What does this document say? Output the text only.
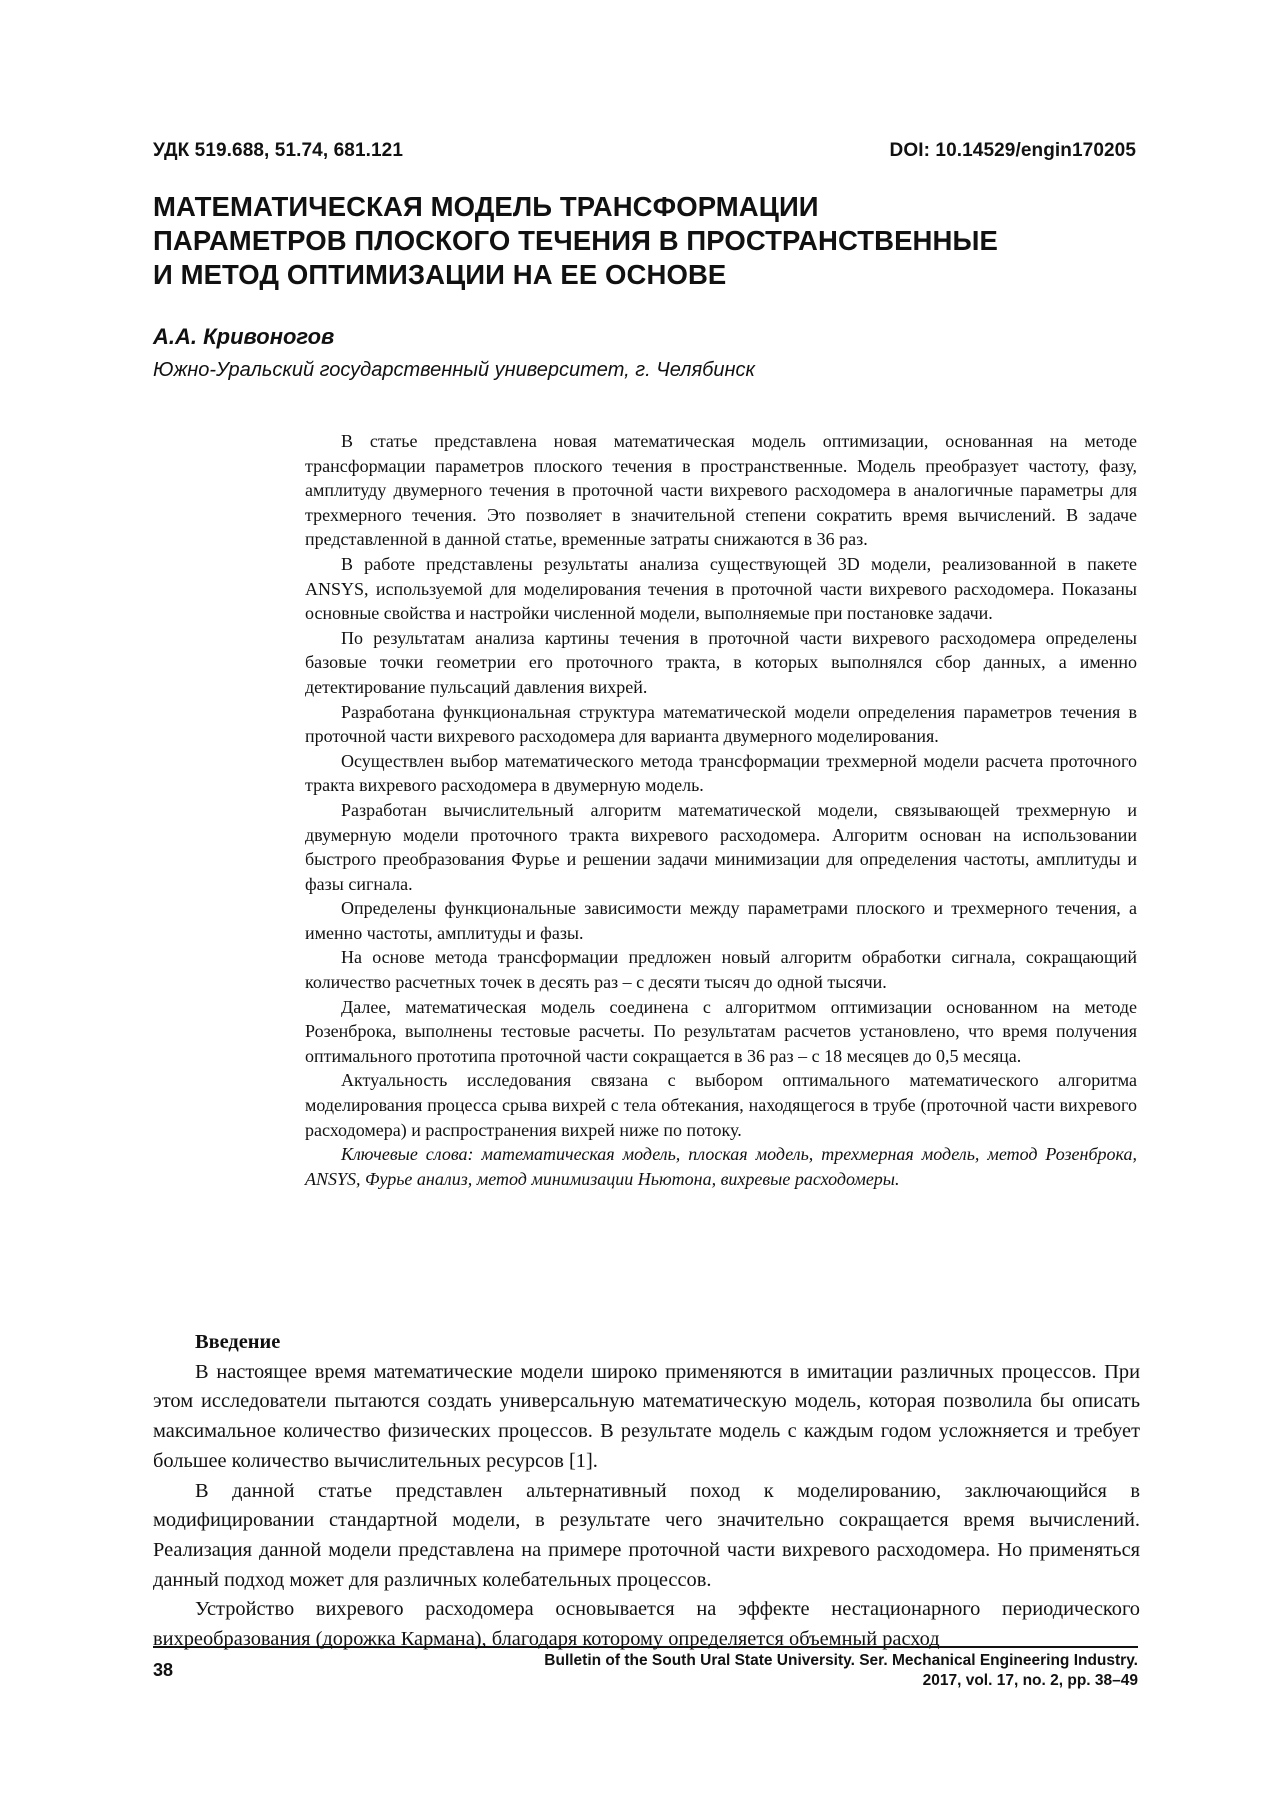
УДК 519.688, 51.74, 681.121	DOI: 10.14529/engin170205
МАТЕМАТИЧЕСКАЯ МОДЕЛЬ ТРАНСФОРМАЦИИ
ПАРАМЕТРОВ ПЛОСКОГО ТЕЧЕНИЯ В ПРОСТРАНСТВЕННЫЕ
И МЕТОД ОПТИМИЗАЦИИ НА ЕЕ ОСНОВЕ
А.А. Кривоногов
Южно-Уральский государственный университет, г. Челябинск

В статье представлена новая математическая модель оптимизации, основанная на методе трансформации параметров плоского течения в пространственные. Модель преобразует частоту, фазу, амплитуду двумерного течения в проточной части вихревого расходомера в аналогичные параметры для трехмерного течения. Это позволяет в значительной степени сократить время вычислений. В задаче представленной в данной статье, временные затраты снижаются в 36 раз.

В работе представлены результаты анализа существующей 3D модели, реализованной в пакете ANSYS, используемой для моделирования течения в проточной части вихревого расходомера. Показаны основные свойства и настройки численной модели, выполняемые при постановке задачи.

По результатам анализа картины течения в проточной части вихревого расходомера определены базовые точки геометрии его проточного тракта, в которых выполнялся сбор данных, а именно детектирование пульсаций давления вихрей.

Разработана функциональная структура математической модели определения параметров течения в проточной части вихревого расходомера для варианта двумерного моделирования.

Осуществлен выбор математического метода трансформации трехмерной модели расчета проточного тракта вихревого расходомера в двумерную модель.

Разработан вычислительный алгоритм математической модели, связывающей трехмерную и двумерную модели проточного тракта вихревого расходомера. Алгоритм основан на использовании быстрого преобразования Фурье и решении задачи минимизации для определения частоты, амплитуды и фазы сигнала.

Определены функциональные зависимости между параметрами плоского и трехмерного течения, а именно частоты, амплитуды и фазы.

На основе метода трансформации предложен новый алгоритм обработки сигнала, сокращающий количество расчетных точек в десять раз – с десяти тысяч до одной тысячи.

Далее, математическая модель соединена с алгоритмом оптимизации основанном на методе Розенброка, выполнены тестовые расчеты. По результатам расчетов установлено, что время получения оптимального прототипа проточной части сокращается в 36 раз – с 18 месяцев до 0,5 месяца.

Актуальность исследования связана с выбором оптимального математического алгоритма моделирования процесса срыва вихрей с тела обтекания, находящегося в трубе (проточной части вихревого расходомера) и распространения вихрей ниже по потоку.

Ключевые слова: математическая модель, плоская модель, трехмерная модель, метод Розенброка, ANSYS, Фурье анализ, метод минимизации Ньютона, вихревые расходомеры.

Введение

В настоящее время математические модели широко применяются в имитации различных процессов. При этом исследователи пытаются создать универсальную математическую модель, которая позволила бы описать максимальное количество физических процессов. В результате модель с каждым годом усложняется и требует большее количество вычислительных ресурсов [1].

В данной статье представлен альтернативный поход к моделированию, заключающийся в модифицировании стандартной модели, в результате чего значительно сокращается время вычислений. Реализация данной модели представлена на примере проточной части вихревого расходомера. Но применяться данный подход может для различных колебательных процессов.

Устройство вихревого расходомера основывается на эффекте нестационарного периодического вихреобразования (дорожка Кармана), благодаря которому определяется объемный расход

38	Bulletin of the South Ural State University. Ser. Mechanical Engineering Industry.
2017, vol. 17, no. 2, pp. 38–49
